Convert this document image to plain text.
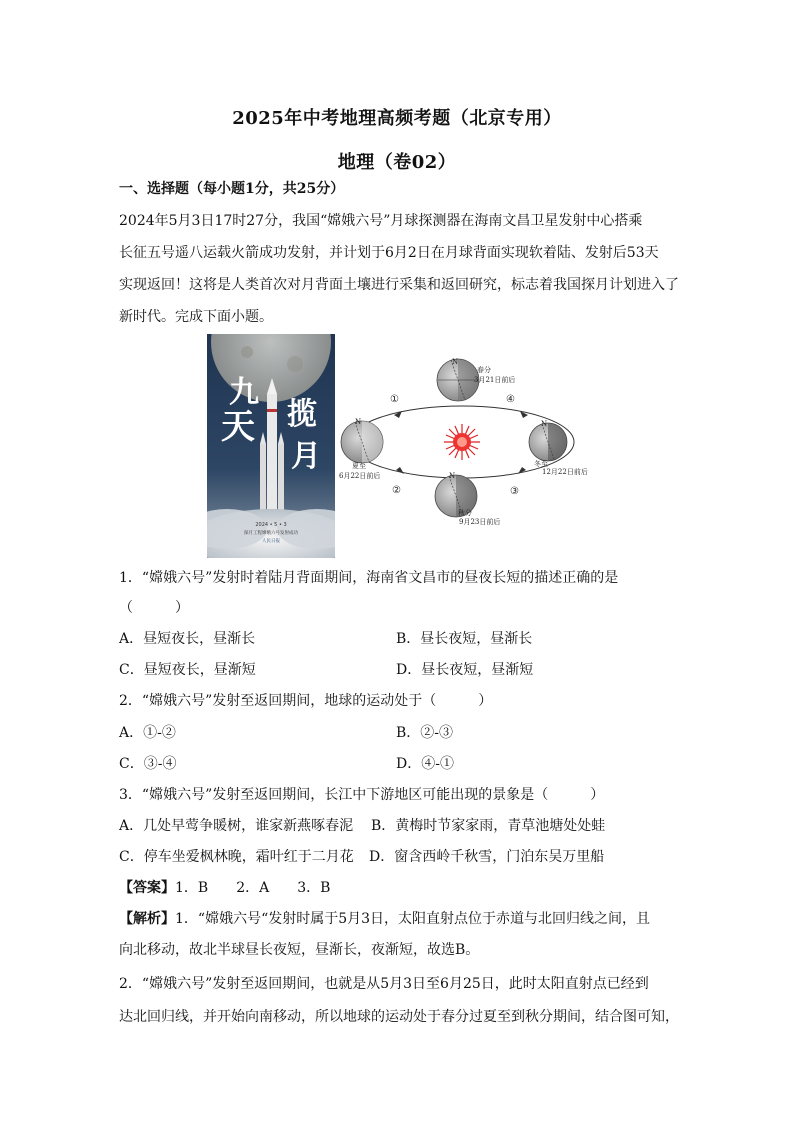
2025年中考地理高频考题（北京专用）
地理（卷02）
一、选择题（每小题1分，共25分）
2024年5月3日17时27分，我国“嫦娥六号”月球探测器在海南文昌卫星发射中心搭乘
长征五号遥八运载火箭成功发射，并计划于6月2日在月球背面实现软着陆、发射后53天
实现返回！这将是人类首次对月背面土壤进行采集和返回研究，标志着我国探月计划进入了
新时代。完成下面小题。
九
天 揽
月
2024 • 5 • 3
探月工程嫦娥六号发射成功
人民日报
N
N	N
N
春分
3月21日前后
夏至
6月22日前后
冬至
12月22日前后
秋分
9月23日前后
①
②	③
④
1．“嫦娥六号”发射时着陆月背面期间，海南省文昌市的昼夜长短的描述正确的是
（　　　）
A．昼短夜长，昼渐长	B．昼长夜短，昼渐长
C．昼短夜长，昼渐短	D．昼长夜短，昼渐短
2．“嫦娥六号”发射至返回期间，地球的运动处于（　　　）
A．①-②	B．②-③
C．③-④	D．④-①
3．“嫦娥六号”发射至返回期间，长江中下游地区可能出现的景象是（　　　）
A．几处早莺争暖树，谁家新燕啄春泥 B．黄梅时节家家雨，青草池塘处处蛙
C．停车坐爱枫林晚，霜叶红于二月花 D．窗含西岭千秋雪，门泊东吴万里船
【答案】1．B　　2．A　　3．B
【解析】1．“嫦娥六号“发射时属于5月3日，太阳直射点位于赤道与北回归线之间，且
向北移动，故北半球昼长夜短，昼渐长，夜渐短，故选B。
2．“嫦娥六号”发射至返回期间，也就是从5月3日至6月25日，此时太阳直射点已经到
达北回归线，并开始向南移动，所以地球的运动处于春分过夏至到秋分期间，结合图可知，
